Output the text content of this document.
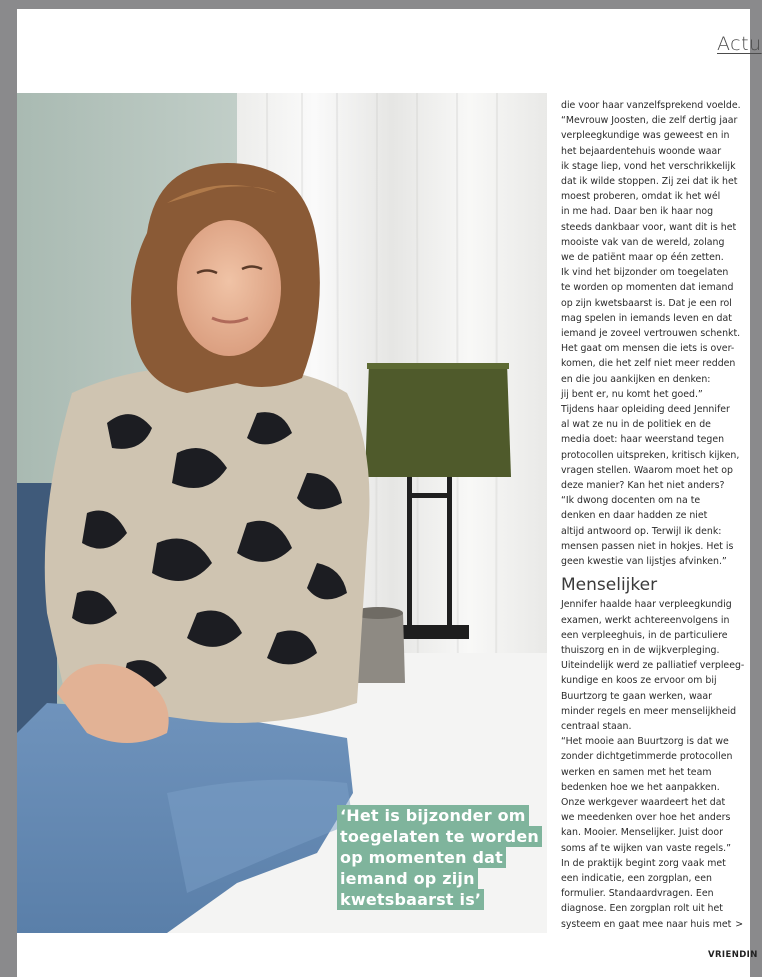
Actu
‘Het is bijzonder om
toegelaten te worden
op momenten dat
iemand op zijn
kwetsbaarst is’
die voor haar vanzelfsprekend voelde.
“Mevrouw Joosten, die zelf dertig jaar
verpleegkundige was geweest en in
het bejaardentehuis woonde waar
ik stage liep, vond het verschrikkelijk
dat ik wilde stoppen. Zij zei dat ik het
moest proberen, omdat ik het wél
in me had. Daar ben ik haar nog
steeds dankbaar voor, want dit is het
mooiste vak van de wereld, zolang
we de patiënt maar op één zetten.
Ik vind het bijzonder om toegelaten
te worden op momenten dat iemand
op zijn kwetsbaarst is. Dat je een rol
mag spelen in iemands leven en dat
iemand je zoveel vertrouwen schenkt.
Het gaat om mensen die iets is over-
komen, die het zelf niet meer redden
en die jou aankijken en denken:
jij bent er, nu komt het goed.”
Tijdens haar opleiding deed Jennifer
al wat ze nu in de politiek en de
media doet: haar weerstand tegen
protocollen uitspreken, kritisch kijken,
vragen stellen. Waarom moet het op
deze manier? Kan het niet anders?
“Ik dwong docenten om na te
denken en daar hadden ze niet
altijd antwoord op. Terwijl ik denk:
mensen passen niet in hokjes. Het is
geen kwestie van lijstjes afvinken.”
Menselijker
Jennifer haalde haar verpleegkundig
examen, werkt achtereenvolgens in
een verpleeghuis, in de particuliere
thuiszorg en in de wijkverpleging.
Uiteindelijk werd ze palliatief verpleeg-
kundige en koos ze ervoor om bij
Buurtzorg te gaan werken, waar
minder regels en meer menselijkheid
centraal staan.
“Het mooie aan Buurtzorg is dat we
zonder dichtgetimmerde protocollen
werken en samen met het team
bedenken hoe we het aanpakken.
Onze werkgever waardeert het dat
we meedenken over hoe het anders
kan. Mooier. Menselijker. Juist door
soms af te wijken van vaste regels.”
In de praktijk begint zorg vaak met
een indicatie, een zorgplan, een
formulier. Standaardvragen. Een
diagnose. Een zorgplan rolt uit het
systeem en gaat mee naar huis met >
VRIENDIN
